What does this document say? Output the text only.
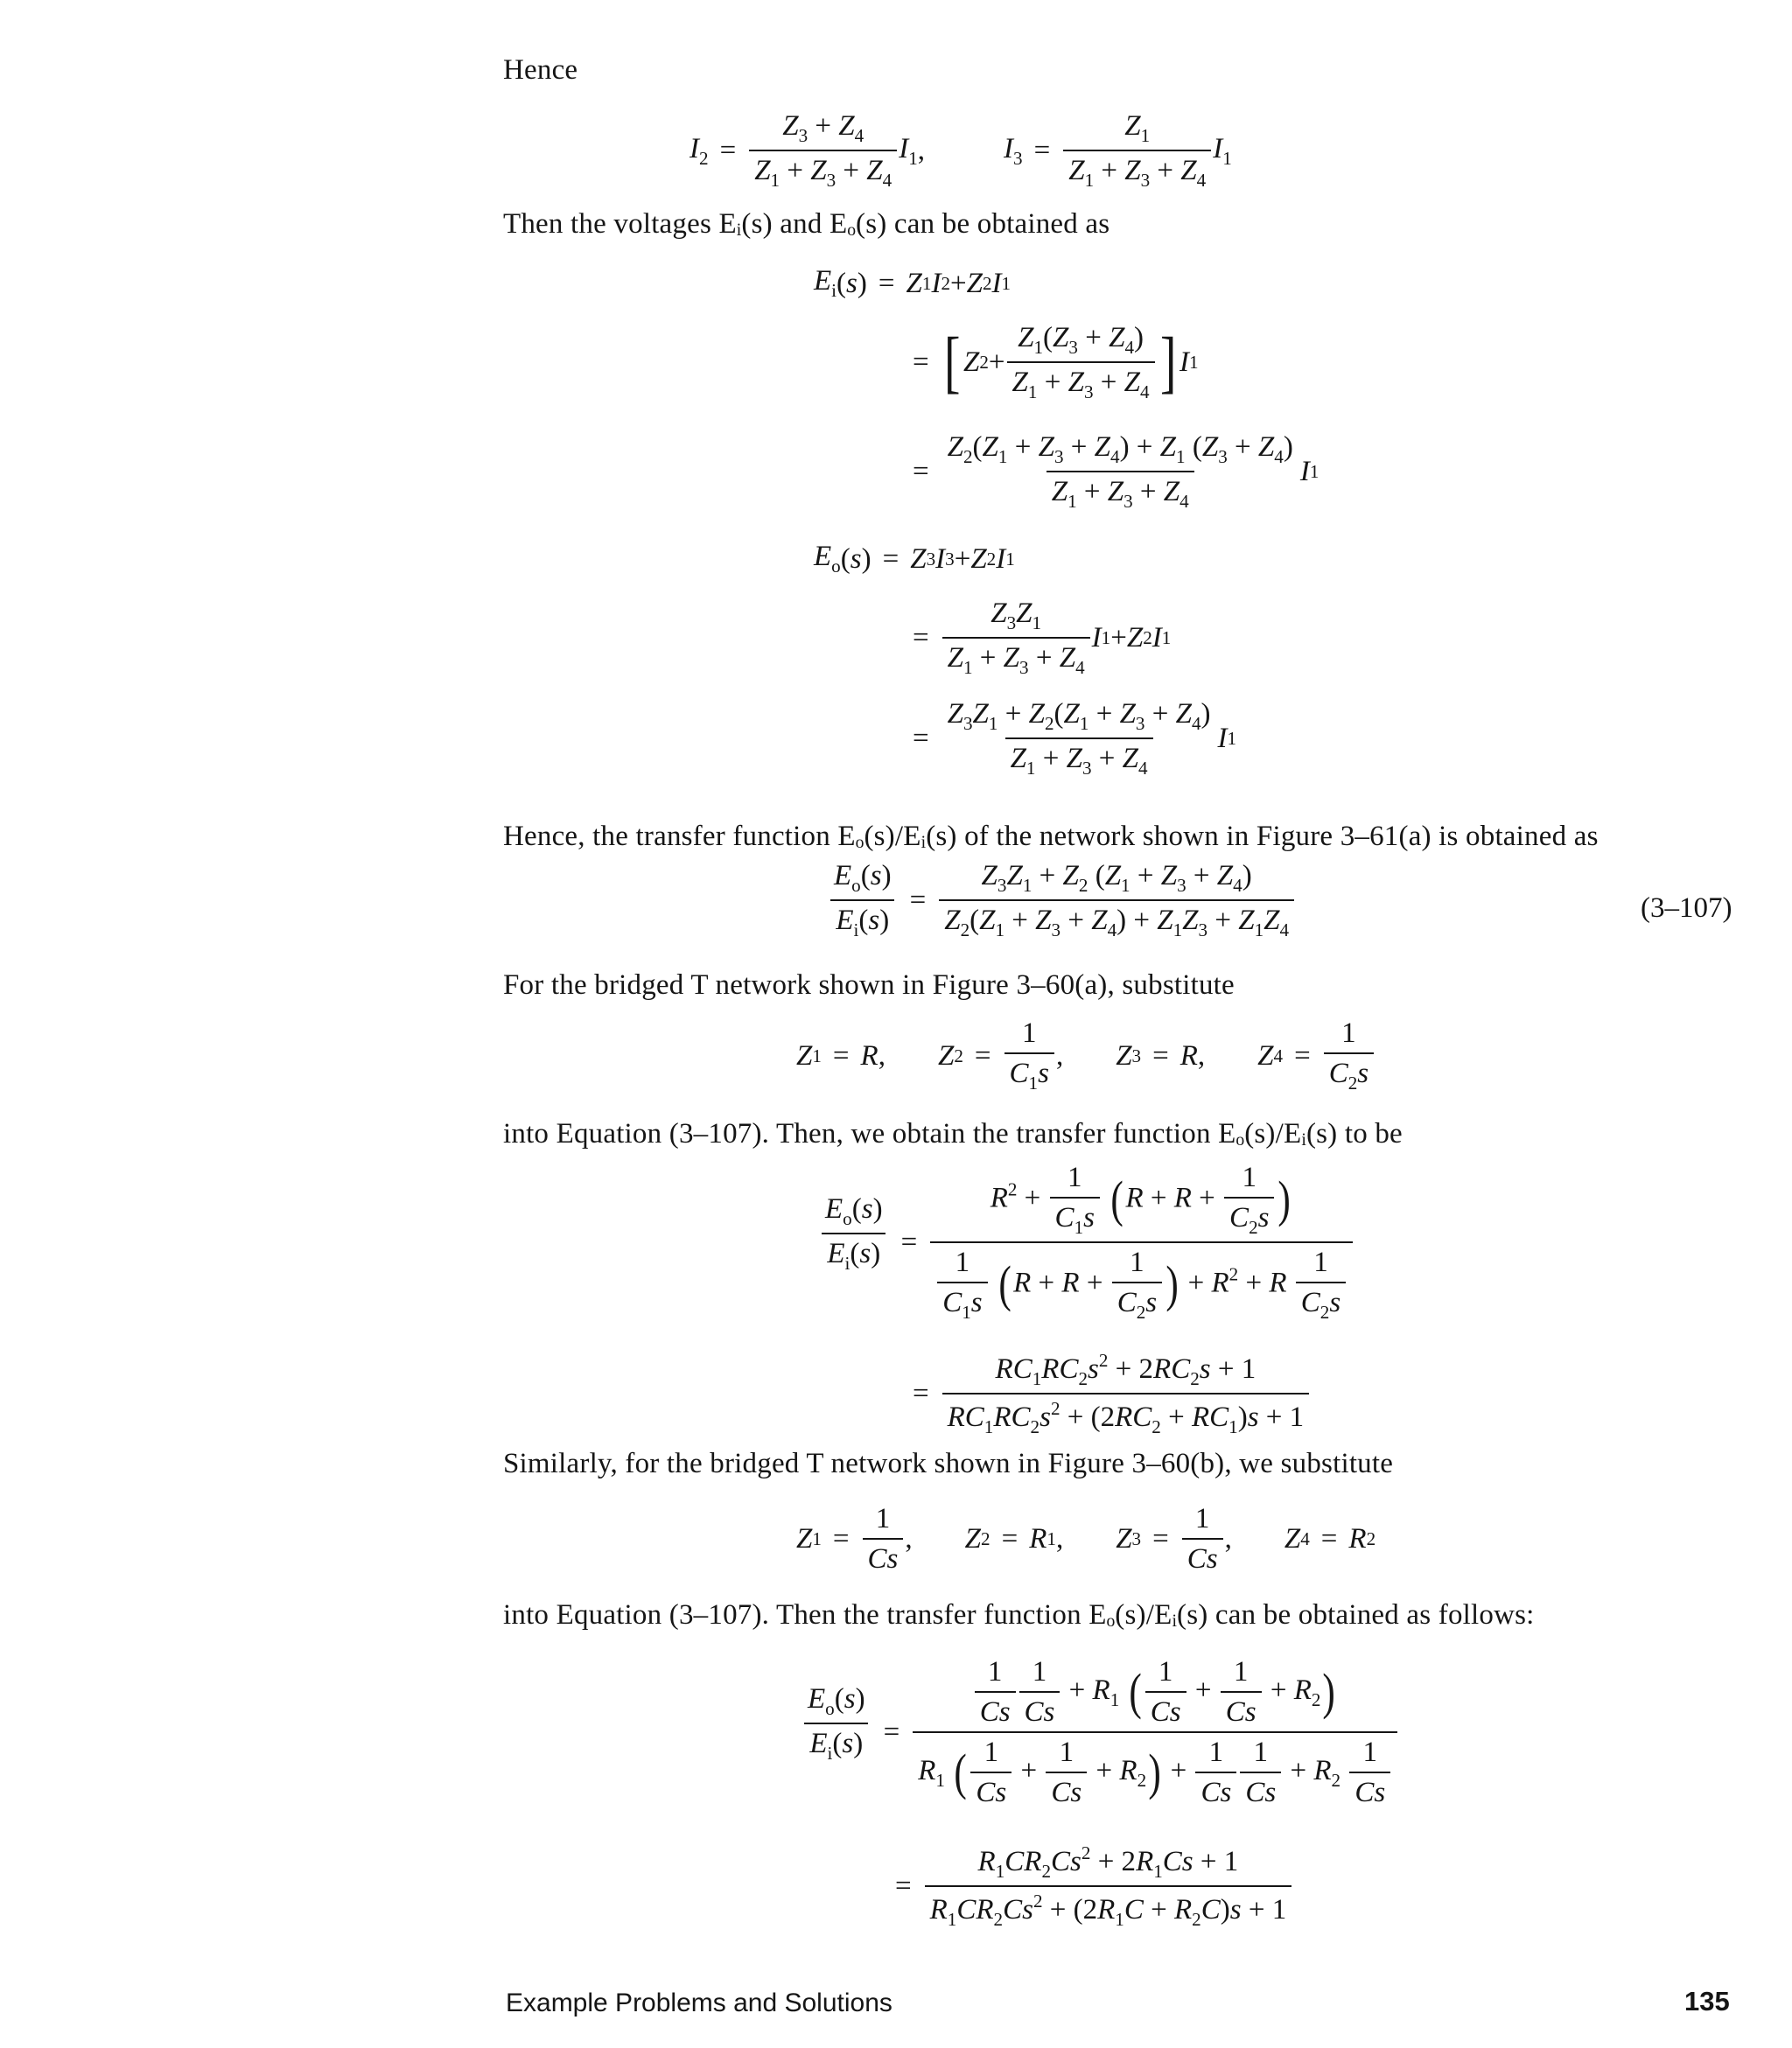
Hence
$I_2 = \frac{Z_3 + Z_4}{Z_1 + Z_3 + Z_4} I_1$ ,	$I_3 = \frac{Z_1}{Z_1 + Z_3 + Z_4} I_1$
Then the voltages Eᵢ(s) and Eₒ(s) can be obtained as
$E_i$ ( s ) = Z 1 I 2 + Z 2 I 1
= [ Z $2 + \frac{Z_1(Z_3 + Z_4)}{Z_1 + Z_3 + Z_4}$ ] I 1
= $\frac{Z_2(Z_1 + Z_3 + Z_4) + Z_1 (Z_3 + Z_4)}{Z_1 + Z_3 + Z_4}$ I 1
$E_o$ ( s ) = Z 3 I 3 + Z 2 I 1
= $\frac{Z_3Z_1}{Z_1 + Z_3 + Z_4}$ I 1 + Z 2 I 1
= $\frac{Z_3Z_1 + Z_2(Z_1 + Z_3 + Z_4)}{Z_1 + Z_3 + Z_4}$ I 1
Hence, the transfer function Eₒ(s)/Eᵢ(s) of the network shown in Figure 3–61(a) is obtained as
$\frac{E_o(s)}{E_i(s)} = \frac{Z_3Z_1 + Z_2 (Z_1 + Z_3 + Z_4)}{Z_2(Z_1 + Z_3 + Z_4) + Z_1Z_3 + Z_1Z_4}$	(3–107)
For the bridged T network shown in Figure 3–60(a), substitute
Z 1 = R , Z $2 = \frac{1}{C_1s}$ , Z 3 = R , Z $4 = \frac{1}{C_2s}$
into Equation (3–107). Then, we obtain the transfer function Eₒ(s)/Eᵢ(s) to be
$\frac{E_o(s)}{E_i(s)}$ =
$R^2 + \frac{1}{C_1s} (R + R + \frac{1}{C_2s}$ )
$\frac{1}{C_1s} (R + R + \frac{1}{C_2s}$ ) + $R^2 + R \frac{1}{C_2s}$
= $\frac{RC_1RC_2s^2 + 2RC_2s + 1}{RC_1RC_2s^2 + (2RC_2 + RC_1)s + 1}$
Similarly, for the bridged T network shown in Figure 3–60(b), we substitute
Z $1 = \frac{1}{Cs}$ , Z 2 = R 1 , Z $3 = \frac{1}{Cs}$ , Z 4 = R 2
into Equation (3–107). Then the transfer function Eₒ(s)/Eᵢ(s) can be obtained as follows:
$\frac{E_o(s)}{E_i(s)}$ =
$\frac{1}{Cs} \frac{1}{Cs} + R_1$ ( $\frac{1}{Cs} + \frac{1}{Cs} + R_2$)
$R_1$ ( $\frac{1}{Cs} + \frac{1}{Cs} + R_2) + \frac{1}{Cs} \frac{1}{Cs} + R_2 \frac{1}{Cs}$
= $\frac{R_1CR_2Cs^2 + 2R_1Cs + 1}{R_1CR_2Cs^2 + (2R_1C + R_2C)s + 1}$
Example Problems and Solutions	135
